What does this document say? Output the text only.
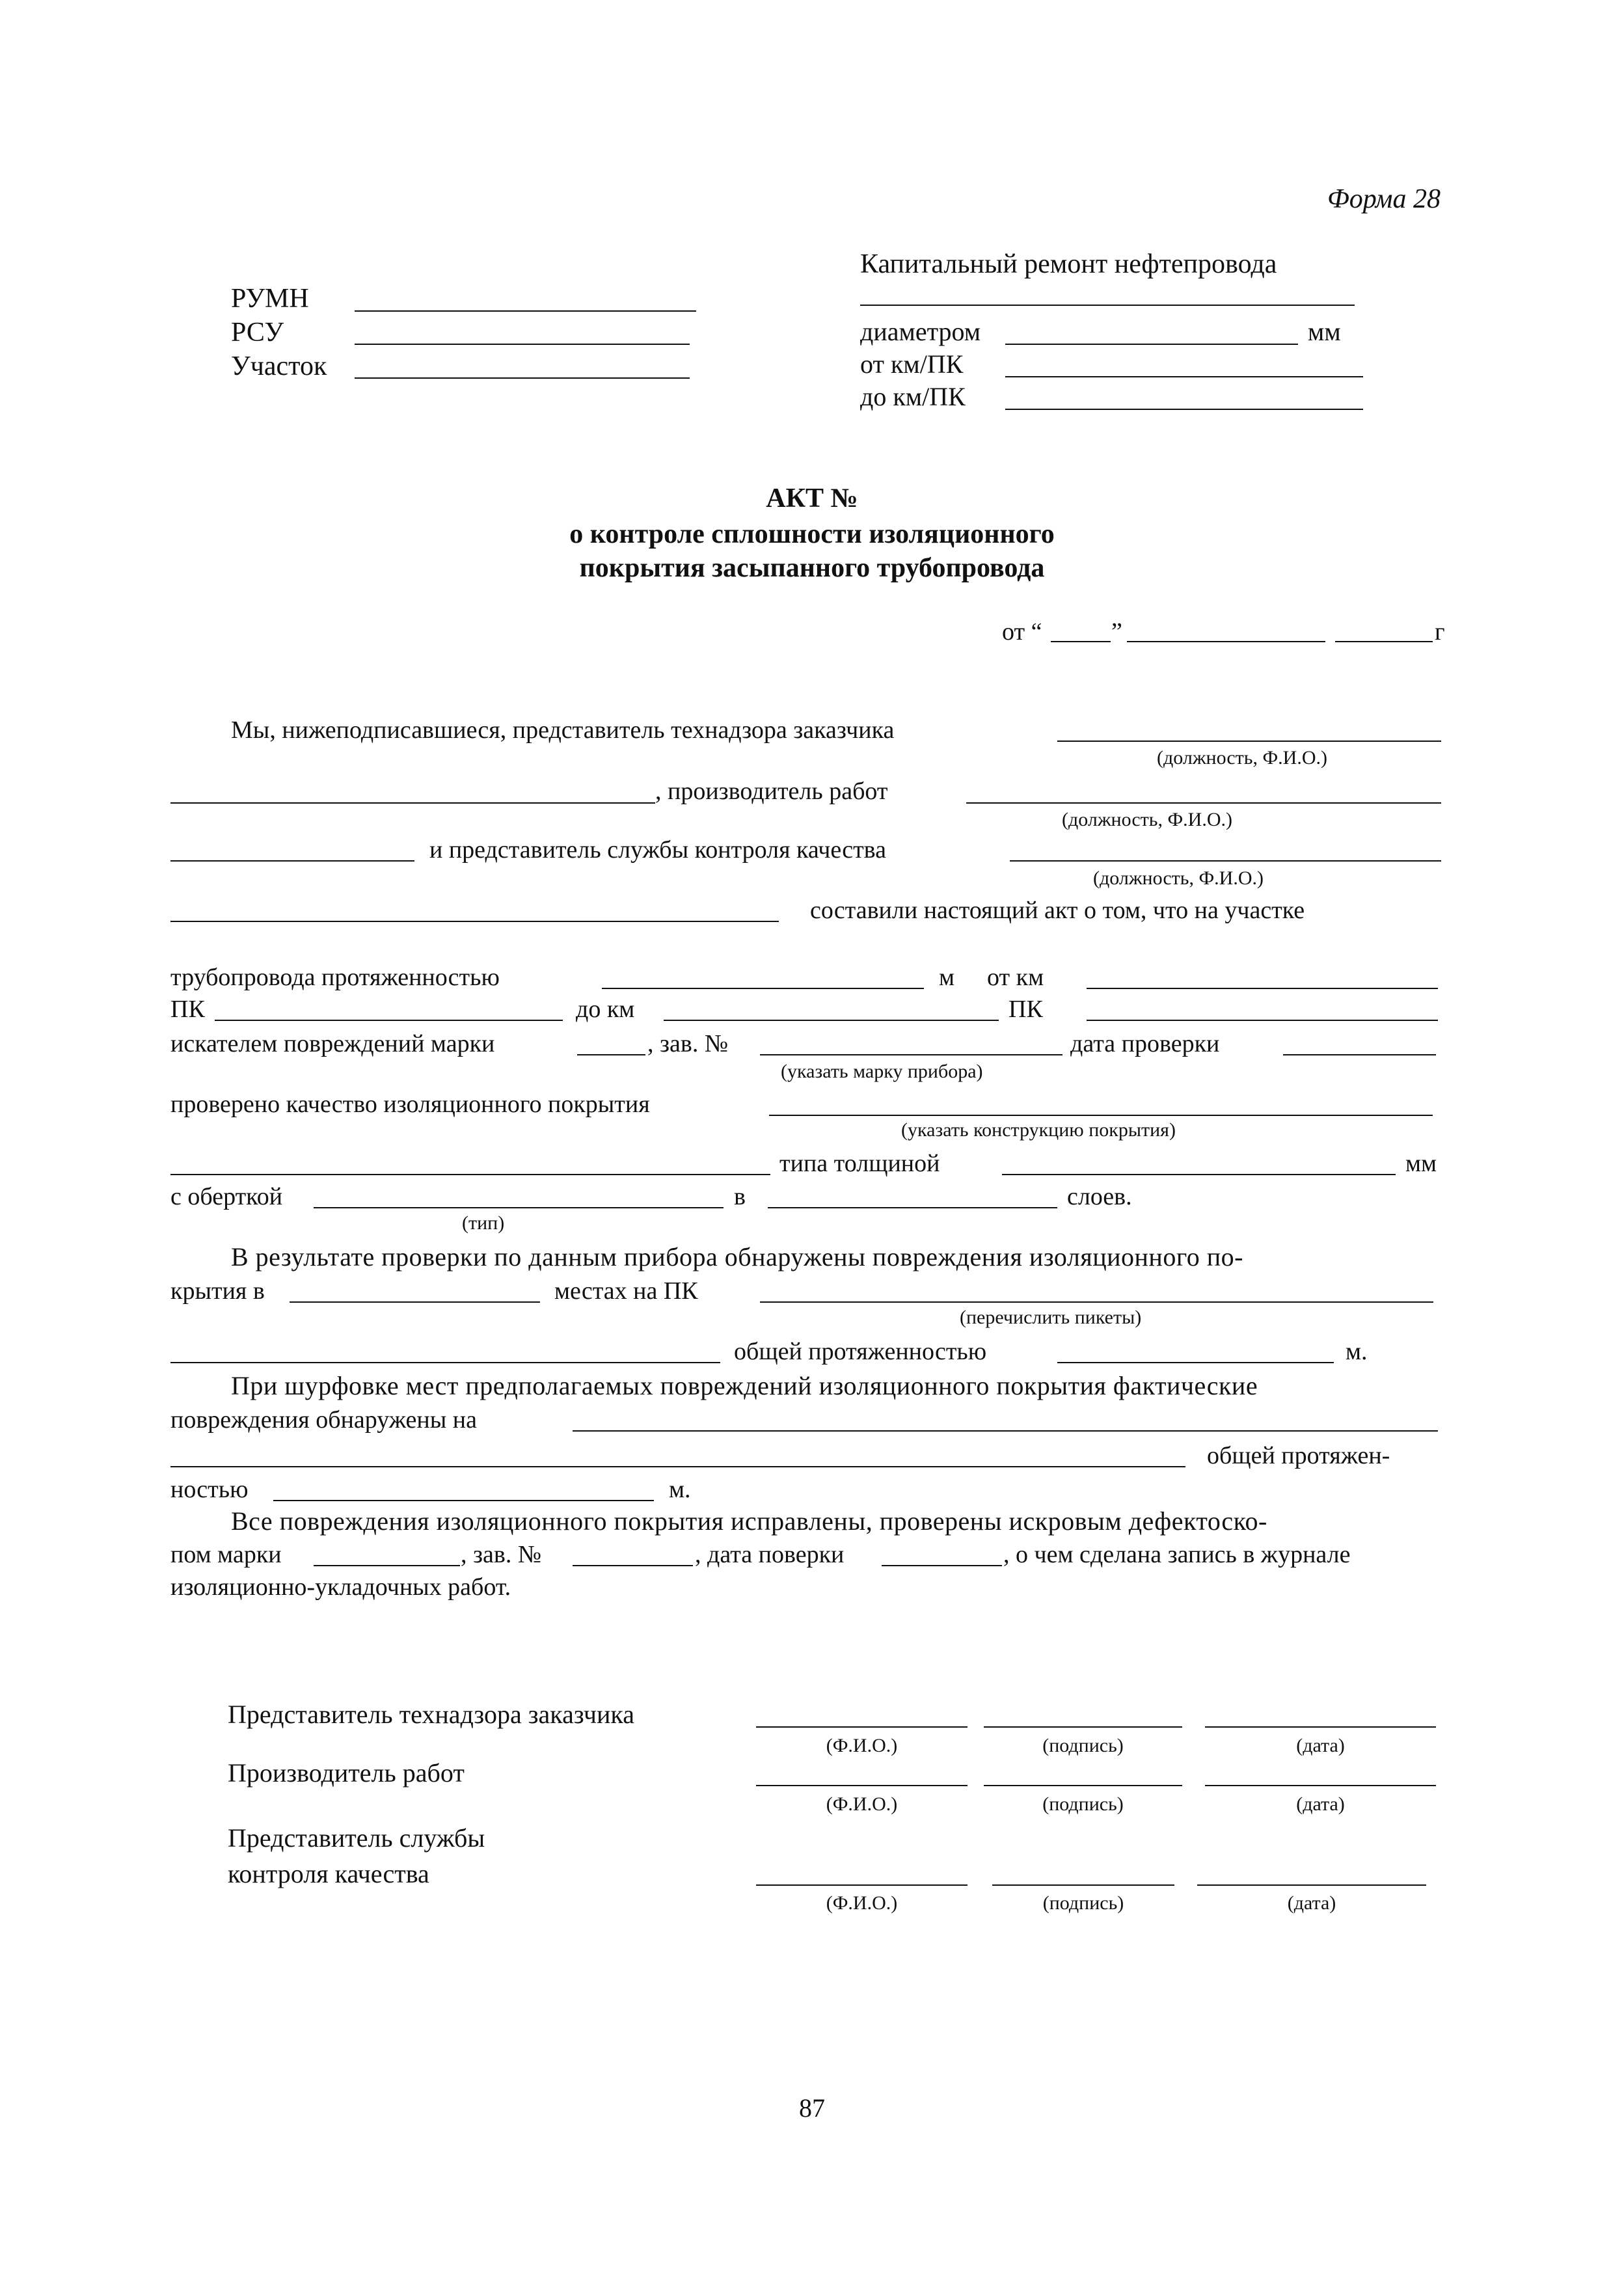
Форма 28
РУМН
РСУ
Участок
Капитальный ремонт нефтепровода
диаметром	мм
от км/ПК
до км/ПК
АКТ №
о контроле сплошности изоляционного
покрытия засыпанного трубопровода
от “	”	г
Мы, нижеподписавшиеся, представитель технадзора заказчика
(должность, Ф.И.О.)
, производитель работ
(должность, Ф.И.О.)
и представитель службы контроля качества
(должность, Ф.И.О.)
составили настоящий акт о том, что на участке
трубопровода протяженностью	м от км
ПК	до км	ПК
искателем повреждений марки	, зав. №	дата проверки
(указать марку прибора)
проверено качество изоляционного покрытия
(указать конструкцию покрытия)
типа толщиной	мм
с оберткой	в	слоев.
(тип)
В результате проверки по данным прибора обнаружены повреждения изоляционного по-
крытия в	местах на ПК
(перечислить пикеты)
общей протяженностью	м.
При шурфовке мест предполагаемых повреждений изоляционного покрытия фактические
повреждения обнаружены на
общей протяжен-
ностью	м.
Все повреждения изоляционного покрытия исправлены, проверены искровым дефектоско-
пом марки	, зав. №	, дата поверки	, о чем сделана запись в журнале
изоляционно-укладочных работ.
Представитель технадзора заказчика
(Ф.И.О.)	(подпись)	(дата)
Производитель работ
(Ф.И.О.)	(подпись)	(дата)
Представитель службы
контроля качества
(Ф.И.О.)	(подпись)	(дата)
87
